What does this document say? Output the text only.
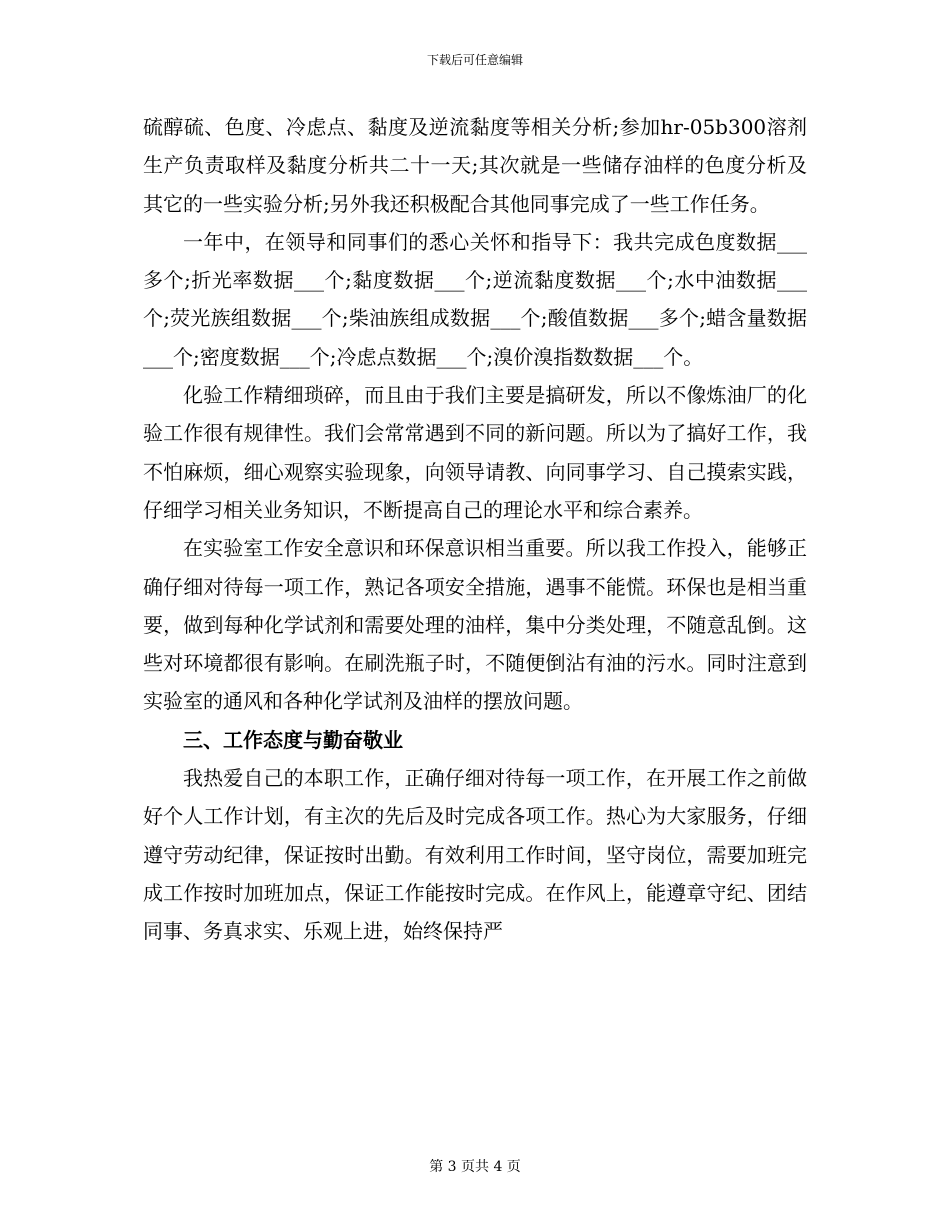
下载后可任意编辑

硫醇硫、色度、冷虑点、黏度及逆流黏度等相关分析;参加hr-05b300溶剂生产负责取样及黏度分析共二十一天;其次就是一些储存油样的色度分析及其它的一些实验分析;另外我还积极配合其他同事完成了一些工作任务。

一年中，在领导和同事们的悉心关怀和指导下：我共完成色度数据___多个;折光率数据___个;黏度数据___个;逆流黏度数据___个;水中油数据___个;荧光族组数据___个;柴油族组成数据___个;酸值数据___多个;蜡含量数据___个;密度数据___个;冷虑点数据___个;溴价溴指数数据___个。

化验工作精细琐碎，而且由于我们主要是搞研发，所以不像炼油厂的化验工作很有规律性。我们会常常遇到不同的新问题。所以为了搞好工作，我不怕麻烦，细心观察实验现象，向领导请教、向同事学习、自己摸索实践，仔细学习相关业务知识，不断提高自己的理论水平和综合素养。

在实验室工作安全意识和环保意识相当重要。所以我工作投入，能够正确仔细对待每一项工作，熟记各项安全措施，遇事不能慌。环保也是相当重要，做到每种化学试剂和需要处理的油样，集中分类处理，不随意乱倒。这些对环境都很有影响。在刷洗瓶子时，不随便倒沾有油的污水。同时注意到实验室的通风和各种化学试剂及油样的摆放问题。

三、工作态度与勤奋敬业

我热爱自己的本职工作，正确仔细对待每一项工作，在开展工作之前做好个人工作计划，有主次的先后及时完成各项工作。热心为大家服务，仔细遵守劳动纪律，保证按时出勤。有效利用工作时间，坚守岗位，需要加班完成工作按时加班加点，保证工作能按时完成。在作风上，能遵章守纪、团结同事、务真求实、乐观上进，始终保持严

第 3 页共 4 页
